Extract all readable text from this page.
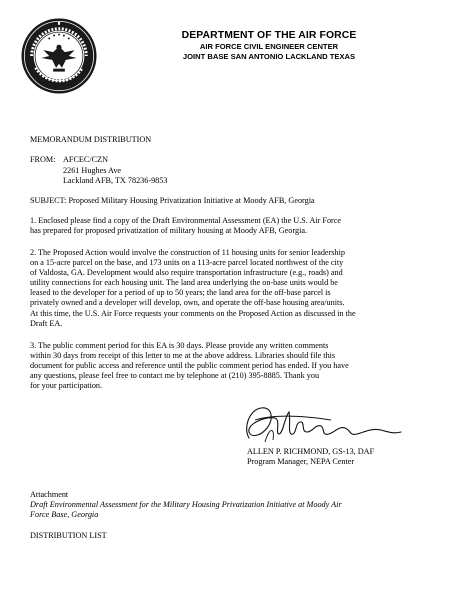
DEPARTMENT OF THE AIR FORCE
AIR FORCE CIVIL ENGINEER CENTER
JOINT BASE SAN ANTONIO LACKLAND TEXAS
MEMORANDUM DISTRIBUTION
FROM: AFCEC/CZN
2261 Hughes Ave
Lackland AFB, TX 78236-9853
SUBJECT: Proposed Military Housing Privatization Initiative at Moody AFB, Georgia
1. Enclosed please find a copy of the Draft Environmental Assessment (EA) the U.S. Air Force
has prepared for proposed privatization of military housing at Moody AFB, Georgia.
2. The Proposed Action would involve the construction of 11 housing units for senior leadership
on a 15-acre parcel on the base, and 173 units on a 113-acre parcel located northwest of the city
of Valdosta, GA. Development would also require transportation infrastructure (e.g., roads) and
utility connections for each housing unit. The land area underlying the on-base units would be
leased to the developer for a period of up to 50 years; the land area for the off-base parcel is
privately owned and a developer will develop, own, and operate the off-base housing area/units.
At this time, the U.S. Air Force requests your comments on the Proposed Action as discussed in the
Draft EA.
3. The public comment period for this EA is 30 days. Please provide any written comments
within 30 days from receipt of this letter to me at the above address. Libraries should file this
document for public access and reference until the public comment period has ended. If you have
any questions, please feel free to contact me by telephone at (210) 395-8885. Thank you
for your participation.
ALLEN P. RICHMOND, GS-13, DAF
Program Manager, NEPA Center
Attachment
Draft Environmental Assessment for the Military Housing Privatization Initiative at Moody Air
Force Base, Georgia
DISTRIBUTION LIST
